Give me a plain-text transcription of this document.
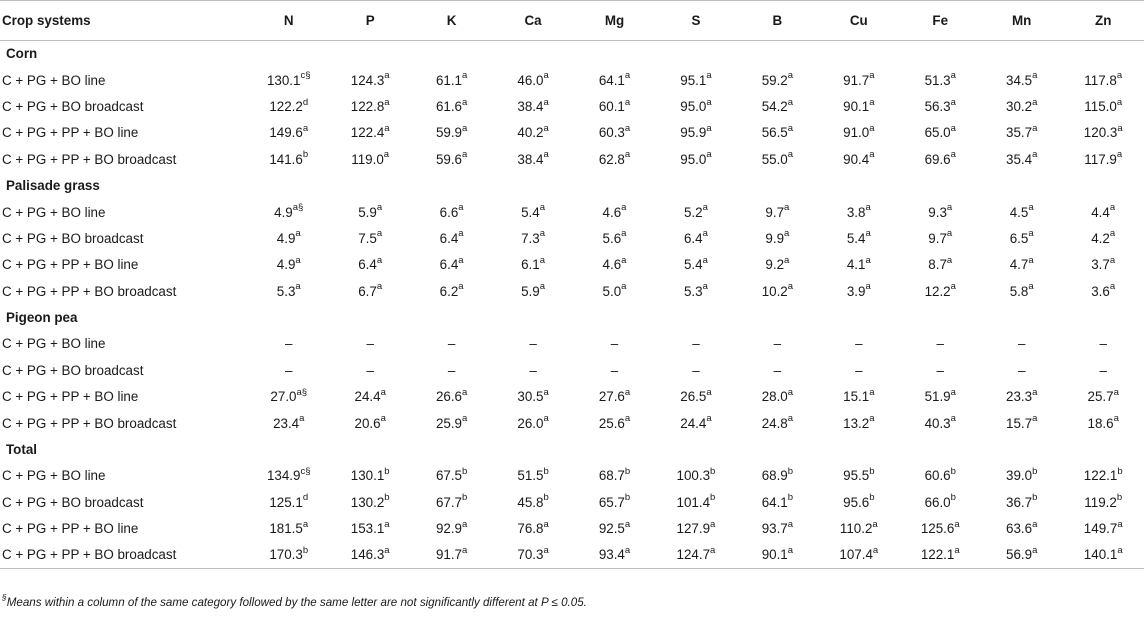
Crop systems	N	P	K	Ca	Mg	S	B	Cu	Fe	Mn	Zn
Corn											
C + PG + BO line	$130.1^{c\S}$	124.3$^a$	61.1$^a$	46.0$^a$	64.1$^a$	95.1$^a$	59.2$^a$	91.7$^a$	51.3$^a$	34.5$^a$	117.8$^a$
C + PG + BO broadcast	122.2$^d$	122.8$^a$	61.6$^a$	38.4$^a$	60.1$^a$	95.0$^a$	54.2$^a$	90.1$^a$	56.3$^a$	30.2$^a$	115.0$^a$
C + PG + PP + BO line	149.6$^a$	122.4$^a$	59.9$^a$	40.2$^a$	60.3$^a$	95.9$^a$	56.5$^a$	91.0$^a$	65.0$^a$	35.7$^a$	120.3$^a$
C + PG + PP + BO broadcast	141.6$^b$	119.0$^a$	59.6$^a$	38.4$^a$	62.8$^a$	95.0$^a$	55.0$^a$	90.4$^a$	69.6$^a$	35.4$^a$	117.9$^a$
Palisade grass											
C + PG + BO line	$4.9^{a\S}$	5.9$^a$	6.6$^a$	5.4$^a$	4.6$^a$	5.2$^a$	9.7$^a$	3.8$^a$	9.3$^a$	4.5$^a$	4.4$^a$
C + PG + BO broadcast	4.9$^a$	7.5$^a$	6.4$^a$	7.3$^a$	5.6$^a$	6.4$^a$	9.9$^a$	5.4$^a$	9.7$^a$	6.5$^a$	4.2$^a$
C + PG + PP + BO line	4.9$^a$	6.4$^a$	6.4$^a$	6.1$^a$	4.6$^a$	5.4$^a$	9.2$^a$	4.1$^a$	8.7$^a$	4.7$^a$	3.7$^a$
C + PG + PP + BO broadcast	5.3$^a$	6.7$^a$	6.2$^a$	5.9$^a$	5.0$^a$	5.3$^a$	10.2$^a$	3.9$^a$	12.2$^a$	5.8$^a$	3.6$^a$
Pigeon pea											
C + PG + BO line	–	–	–	–	–	–	–	–	–	–	–
C + PG + BO broadcast	–	–	–	–	–	–	–	–	–	–	–
C + PG + PP + BO line	$27.0^{a\S}$	24.4$^a$	26.6$^a$	30.5$^a$	27.6$^a$	26.5$^a$	28.0$^a$	15.1$^a$	51.9$^a$	23.3$^a$	25.7$^a$
C + PG + PP + BO broadcast	23.4$^a$	20.6$^a$	25.9$^a$	26.0$^a$	25.6$^a$	24.4$^a$	24.8$^a$	13.2$^a$	40.3$^a$	15.7$^a$	18.6$^a$
Total											
C + PG + BO line	$134.9^{c\S}$	130.1$^b$	67.5$^b$	51.5$^b$	68.7$^b$	100.3$^b$	68.9$^b$	95.5$^b$	60.6$^b$	39.0$^b$	122.1$^b$
C + PG + BO broadcast	125.1$^d$	130.2$^b$	67.7$^b$	45.8$^b$	65.7$^b$	101.4$^b$	64.1$^b$	95.6$^b$	66.0$^b$	36.7$^b$	119.2$^b$
C + PG + PP + BO line	181.5$^a$	153.1$^a$	92.9$^a$	76.8$^a$	92.5$^a$	127.9$^a$	93.7$^a$	110.2$^a$	125.6$^a$	63.6$^a$	149.7$^a$
C + PG + PP + BO broadcast	170.3$^b$	146.3$^a$	91.7$^a$	70.3$^a$	93.4$^a$	124.7$^a$	90.1$^a$	107.4$^a$	122.1$^a$	56.9$^a$	140.1$^a$
§Means within a column of the same category followed by the same letter are not significantly different at P ≤ 0.05.
